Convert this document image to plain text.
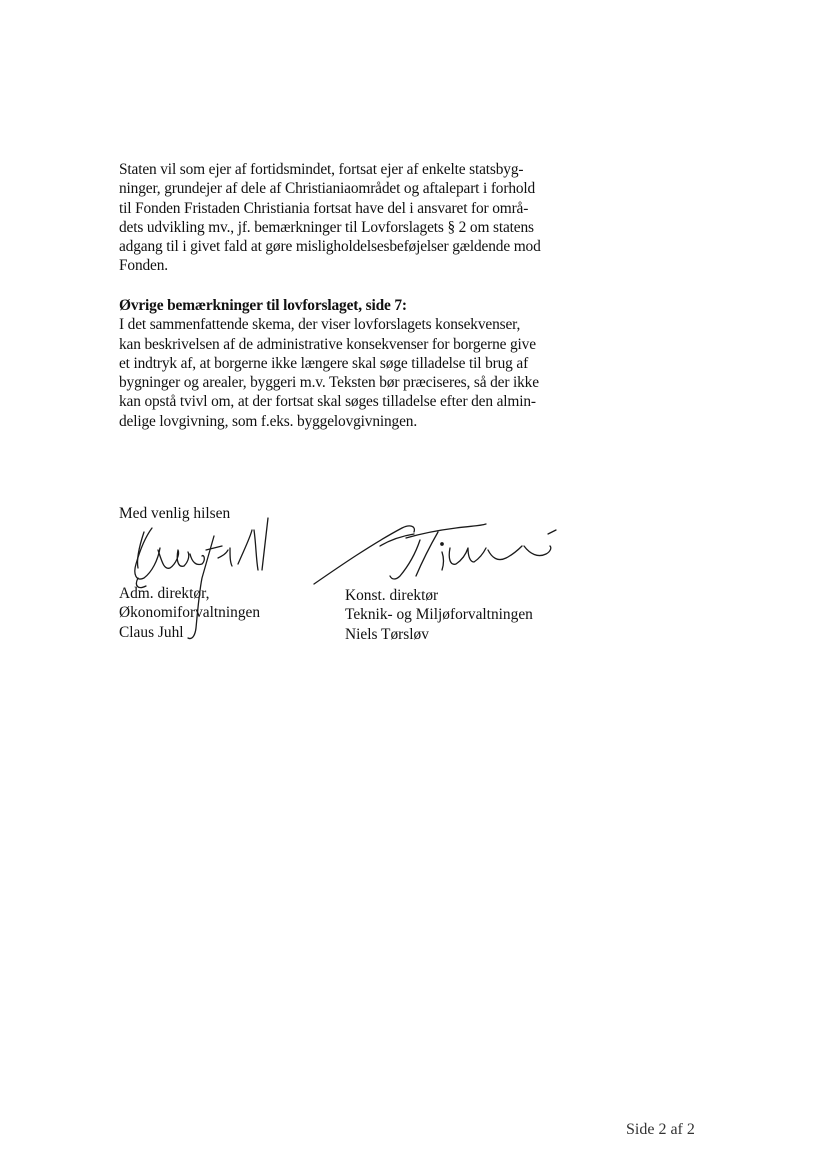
Staten vil som ejer af fortidsmindet, fortsat ejer af enkelte statsbyg-
ninger, grundejer af dele af Christianiaområdet og aftalepart i forhold
til Fonden Fristaden Christiania fortsat have del i ansvaret for områ-
dets udvikling mv., jf. bemærkninger til Lovforslagets § 2 om statens
adgang til i givet fald at gøre misligholdelsesbeføjelser gældende mod
Fonden.
Øvrige bemærkninger til lovforslaget, side 7:
I det sammenfattende skema, der viser lovforslagets konsekvenser,
kan beskrivelsen af de administrative konsekvenser for borgerne give
et indtryk af, at borgerne ikke længere skal søge tilladelse til brug af
bygninger og arealer, byggeri m.v. Teksten bør præciseres, så der ikke
kan opstå tvivl om, at der fortsat skal søges tilladelse efter den almin-
delige lovgivning, som f.eks. byggelovgivningen.
Med venlig hilsen
Adm. direktør,
Økonomiforvaltningen
Claus Juhl
Konst. direktør
Teknik- og Miljøforvaltningen
Niels Tørsløv
Side 2 af 2
